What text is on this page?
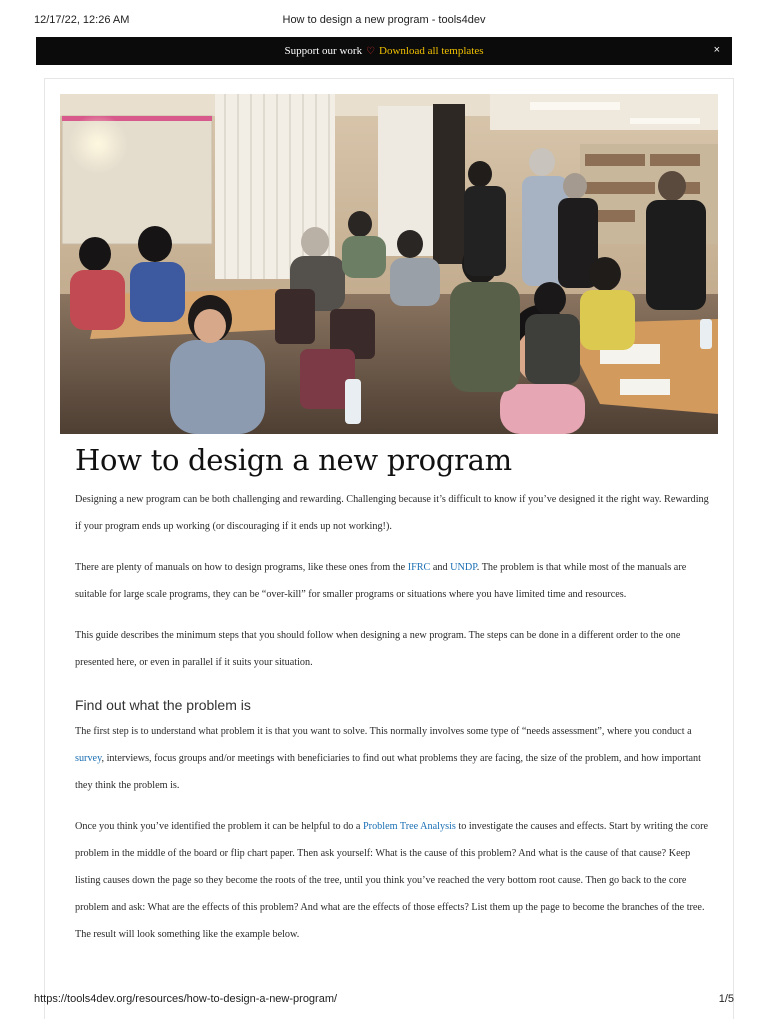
12/17/22, 12:26 AM	How to design a new program - tools4dev
Support our work ♡ Download all templates	×
How to design a new program

Designing a new program can be both challenging and rewarding. Challenging because it’s difficult to know if you’ve designed it the right way. Rewarding if your program ends up working (or discouraging if it ends up not working!).

There are plenty of manuals on how to design programs, like these ones from the IFRC and UNDP. The problem is that while most of the manuals are suitable for large scale programs, they can be “over-kill” for smaller programs or situations where you have limited time and resources.

This guide describes the minimum steps that you should follow when designing a new program. The steps can be done in a different order to the one presented here, or even in parallel if it suits your situation.

Find out what the problem is

The first step is to understand what problem it is that you want to solve. This normally involves some type of “needs assessment”, where you conduct a survey, interviews, focus groups and/or meetings with beneficiaries to find out what problems they are facing, the size of the problem, and how important they think the problem is.

Once you think you’ve identified the problem it can be helpful to do a Problem Tree Analysis to investigate the causes and effects. Start by writing the core problem in the middle of the board or flip chart paper. Then ask yourself: What is the cause of this problem? And what is the cause of that cause? Keep listing causes down the page so they become the roots of the tree, until you think you’ve reached the very bottom root cause. Then go back to the core problem and ask: What are the effects of this problem? And what are the effects of those effects? List them up the page to become the branches of the tree. The result will look something like the example below.

https://tools4dev.org/resources/how-to-design-a-new-program/	1/5
